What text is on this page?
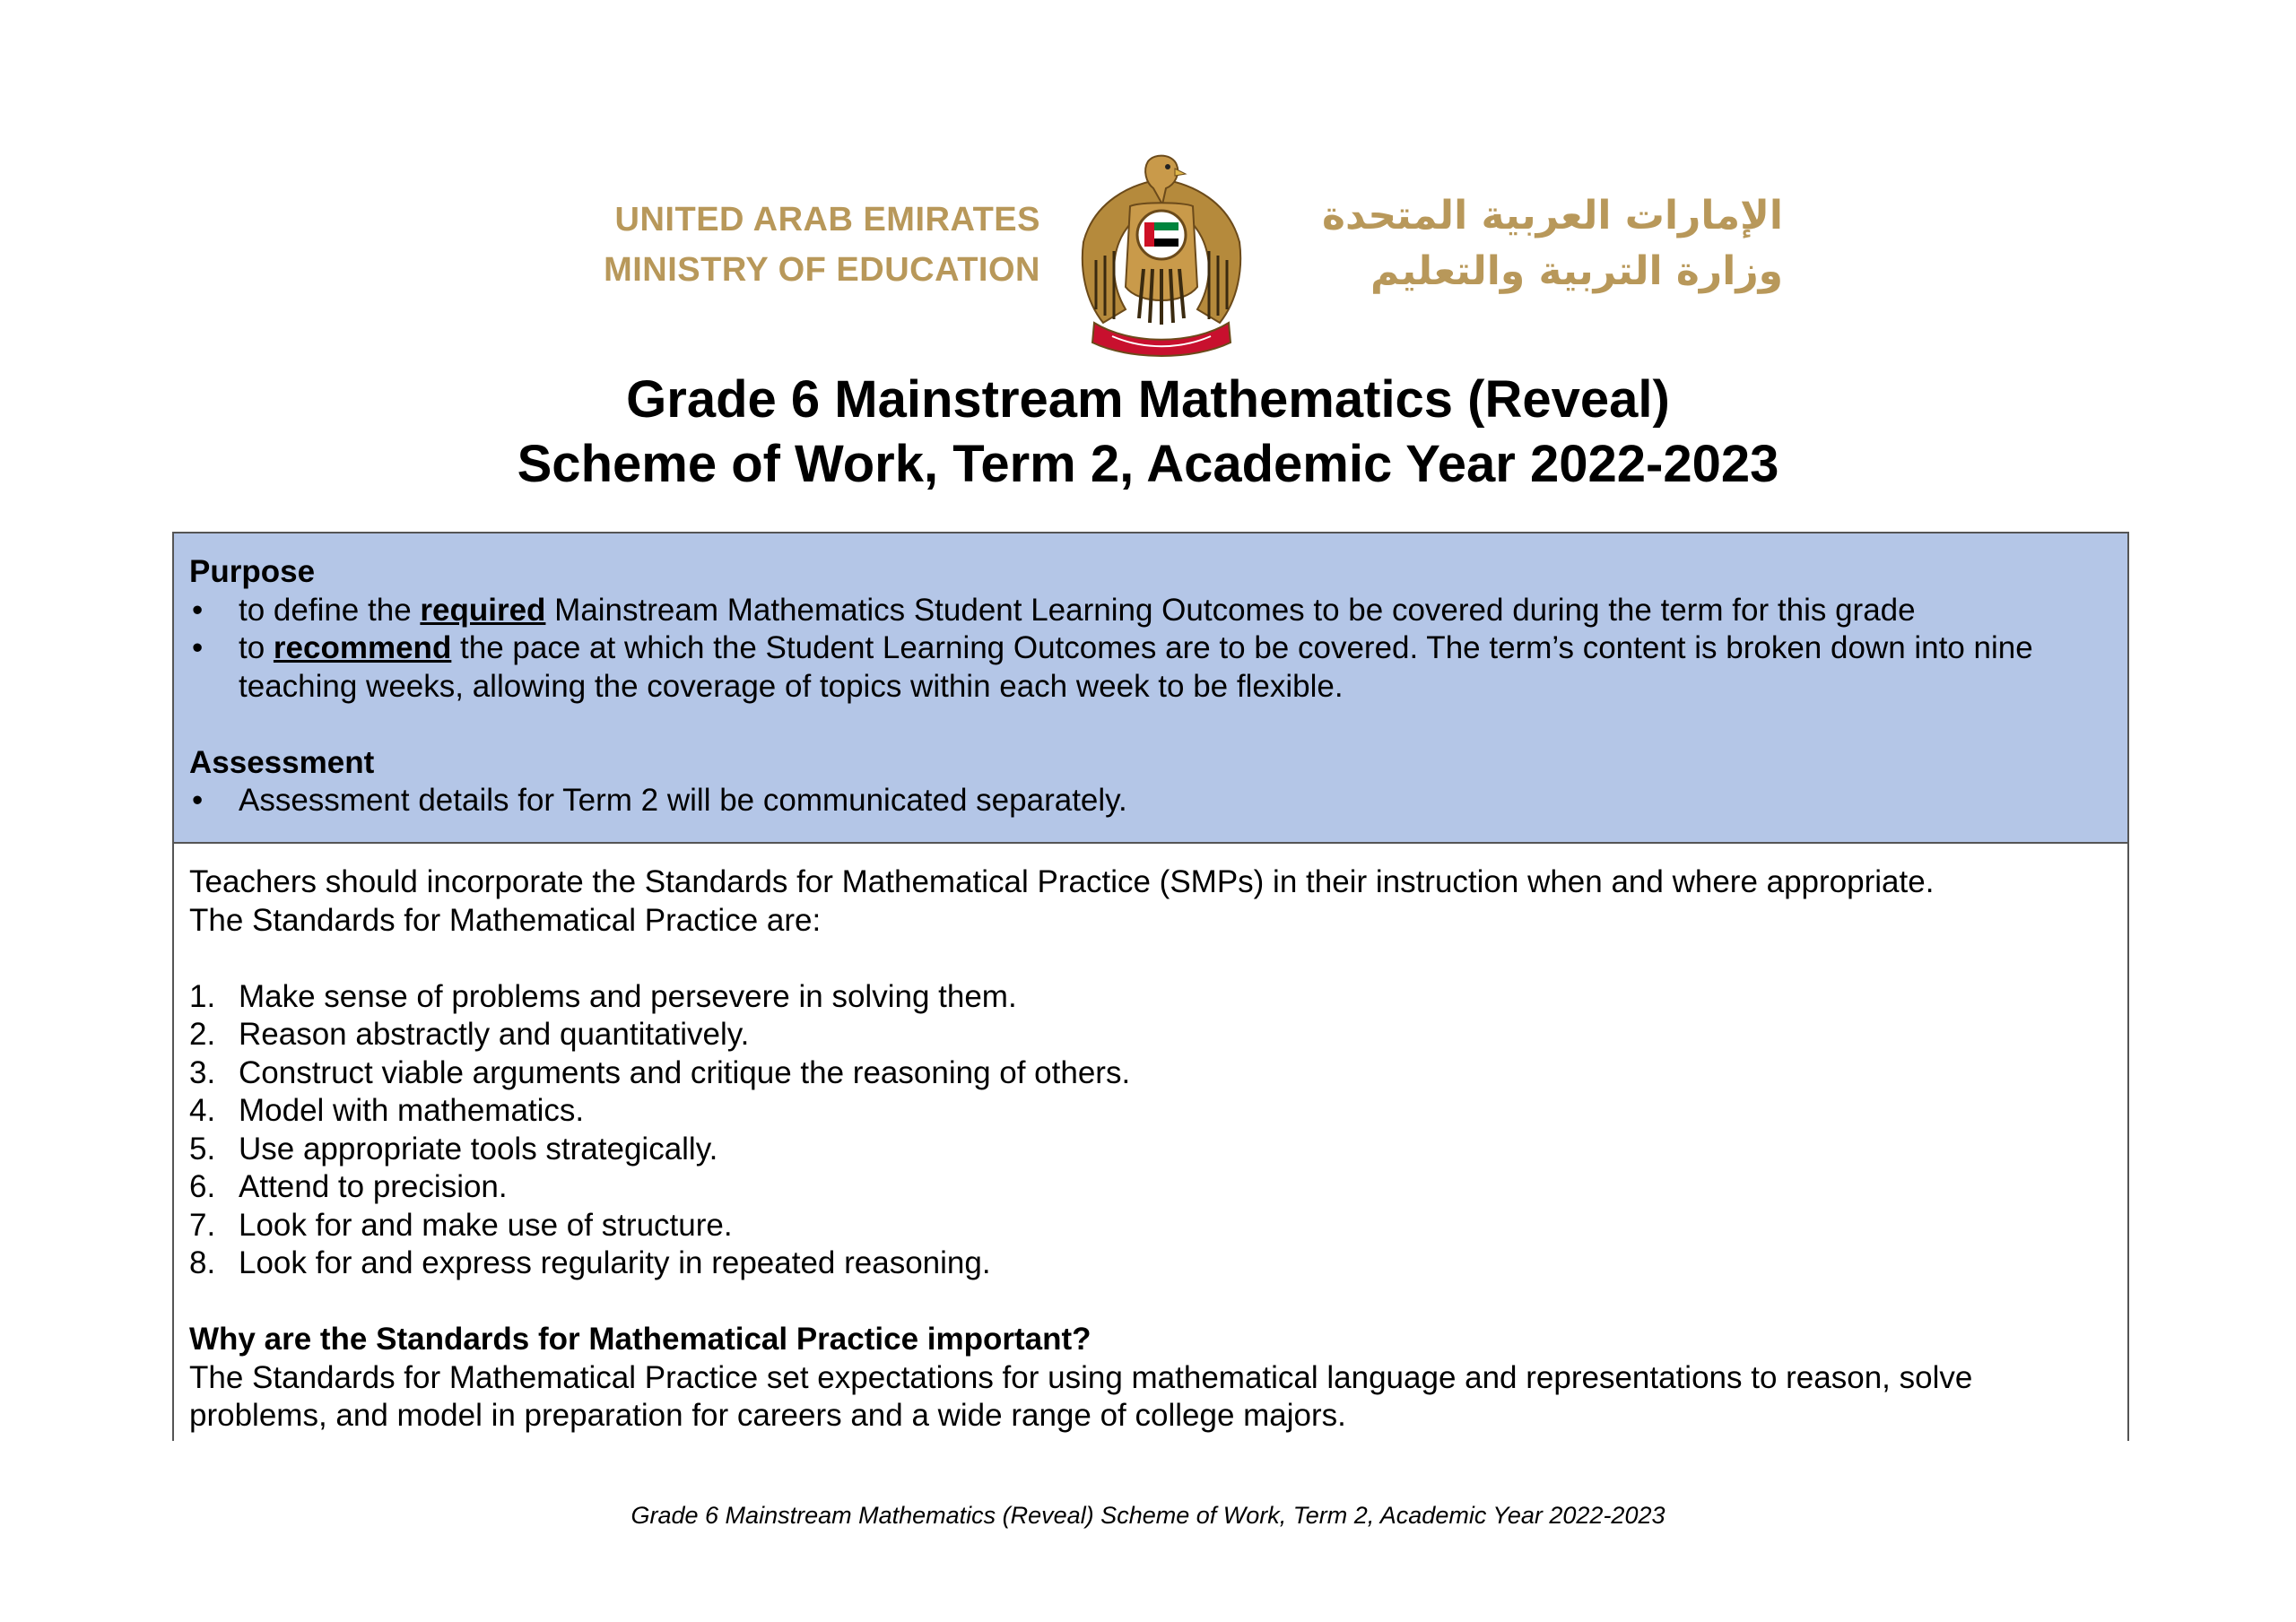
UNITED ARAB EMIRATES
MINISTRY OF EDUCATION
الإمارات العربية المتحدة
وزارة التربية والتعليم
Grade 6 Mainstream Mathematics (Reveal)
Scheme of Work, Term 2, Academic Year 2022-2023
Purpose
• to define the required Mainstream Mathematics Student Learning Outcomes to be covered during the term for this grade
• to recommend the pace at which the Student Learning Outcomes are to be covered. The term’s content is broken down into nine teaching weeks, allowing the coverage of topics within each week to be flexible.
Assessment
• Assessment details for Term 2 will be communicated separately.
Teachers should incorporate the Standards for Mathematical Practice (SMPs) in their instruction when and where appropriate.
The Standards for Mathematical Practice are:
1. Make sense of problems and persevere in solving them.
2. Reason abstractly and quantitatively.
3. Construct viable arguments and critique the reasoning of others.
4. Model with mathematics.
5. Use appropriate tools strategically.
6. Attend to precision.
7. Look for and make use of structure.
8. Look for and express regularity in repeated reasoning.
Why are the Standards for Mathematical Practice important?
The Standards for Mathematical Practice set expectations for using mathematical language and representations to reason, solve problems, and model in preparation for careers and a wide range of college majors.
Grade 6 Mainstream Mathematics (Reveal) Scheme of Work, Term 2, Academic Year 2022-2023
